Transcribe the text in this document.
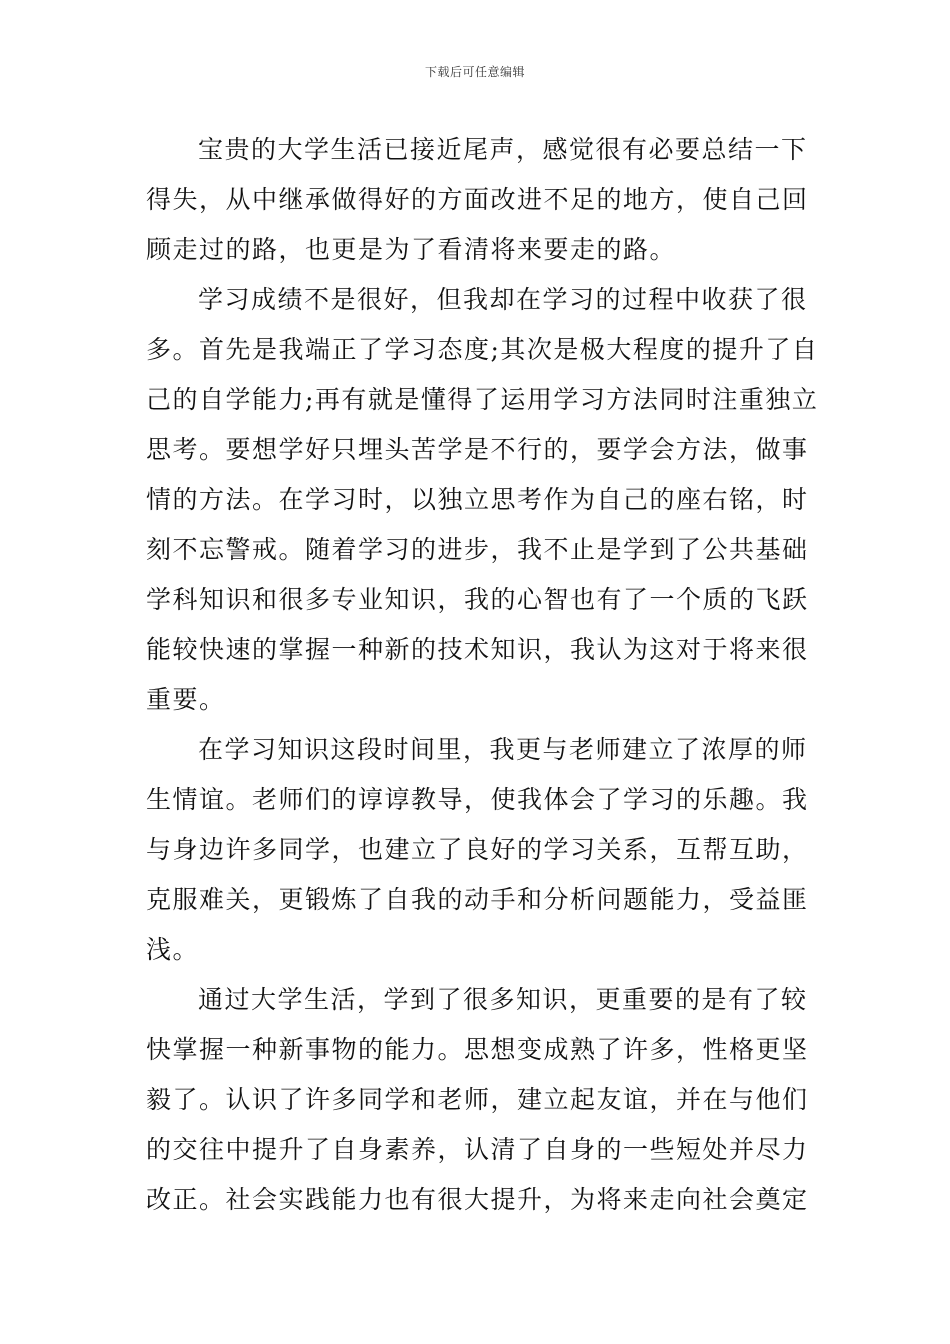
下载后可任意编辑
宝贵的大学生活已接近尾声，感觉很有必要总结一下
得失，从中继承做得好的方面改进不足的地方，使自己回
顾走过的路，也更是为了看清将来要走的路。
学习成绩不是很好，但我却在学习的过程中收获了很
多。首先是我端正了学习态度;其次是极大程度的提升了自
己的自学能力;再有就是懂得了运用学习方法同时注重独立
思考。要想学好只埋头苦学是不行的，要学会方法，做事
情的方法。在学习时，以独立思考作为自己的座右铭，时
刻不忘警戒。随着学习的进步，我不止是学到了公共基础
学科知识和很多专业知识，我的心智也有了一个质的飞跃
能较快速的掌握一种新的技术知识，我认为这对于将来很
重要。
在学习知识这段时间里，我更与老师建立了浓厚的师
生情谊。老师们的谆谆教导，使我体会了学习的乐趣。我
与身边许多同学，也建立了良好的学习关系，互帮互助，
克服难关，更锻炼了自我的动手和分析问题能力，受益匪
浅。
通过大学生活，学到了很多知识，更重要的是有了较
快掌握一种新事物的能力。思想变成熟了许多，性格更坚
毅了。认识了许多同学和老师，建立起友谊，并在与他们
的交往中提升了自身素养，认清了自身的一些短处并尽力
改正。社会实践能力也有很大提升，为将来走向社会奠定
